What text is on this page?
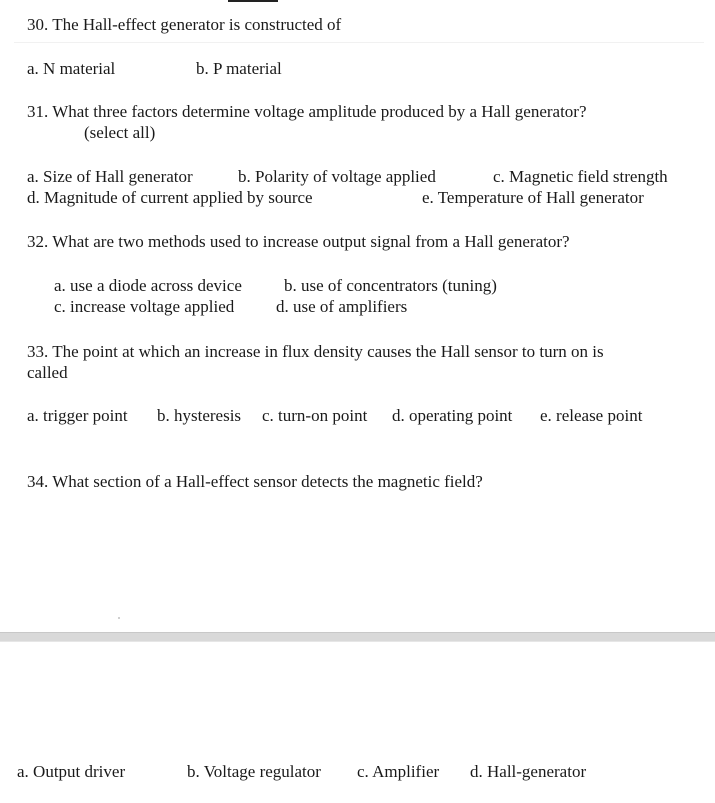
30. The Hall-effect generator is constructed of
a. N material	b. P material
31. What three factors determine voltage amplitude produced by a Hall generator?
(select all)
a. Size of Hall generator	b. Polarity of voltage applied	c. Magnetic field strength
d. Magnitude of current applied by source	e. Temperature of Hall generator
32. What are two methods used to increase output signal from a Hall generator?
a. use a diode across device b. use of concentrators (tuning)
c. increase voltage applied d. use of amplifiers
33. The point at which an increase in flux density causes the Hall sensor to turn on is
called
a. trigger point b. hysteresis c. turn-on point d. operating point e. release point
34. What section of a Hall-effect sensor detects the magnetic field?
a. Output driver	b. Voltage regulator c. Amplifier d. Hall-generator
